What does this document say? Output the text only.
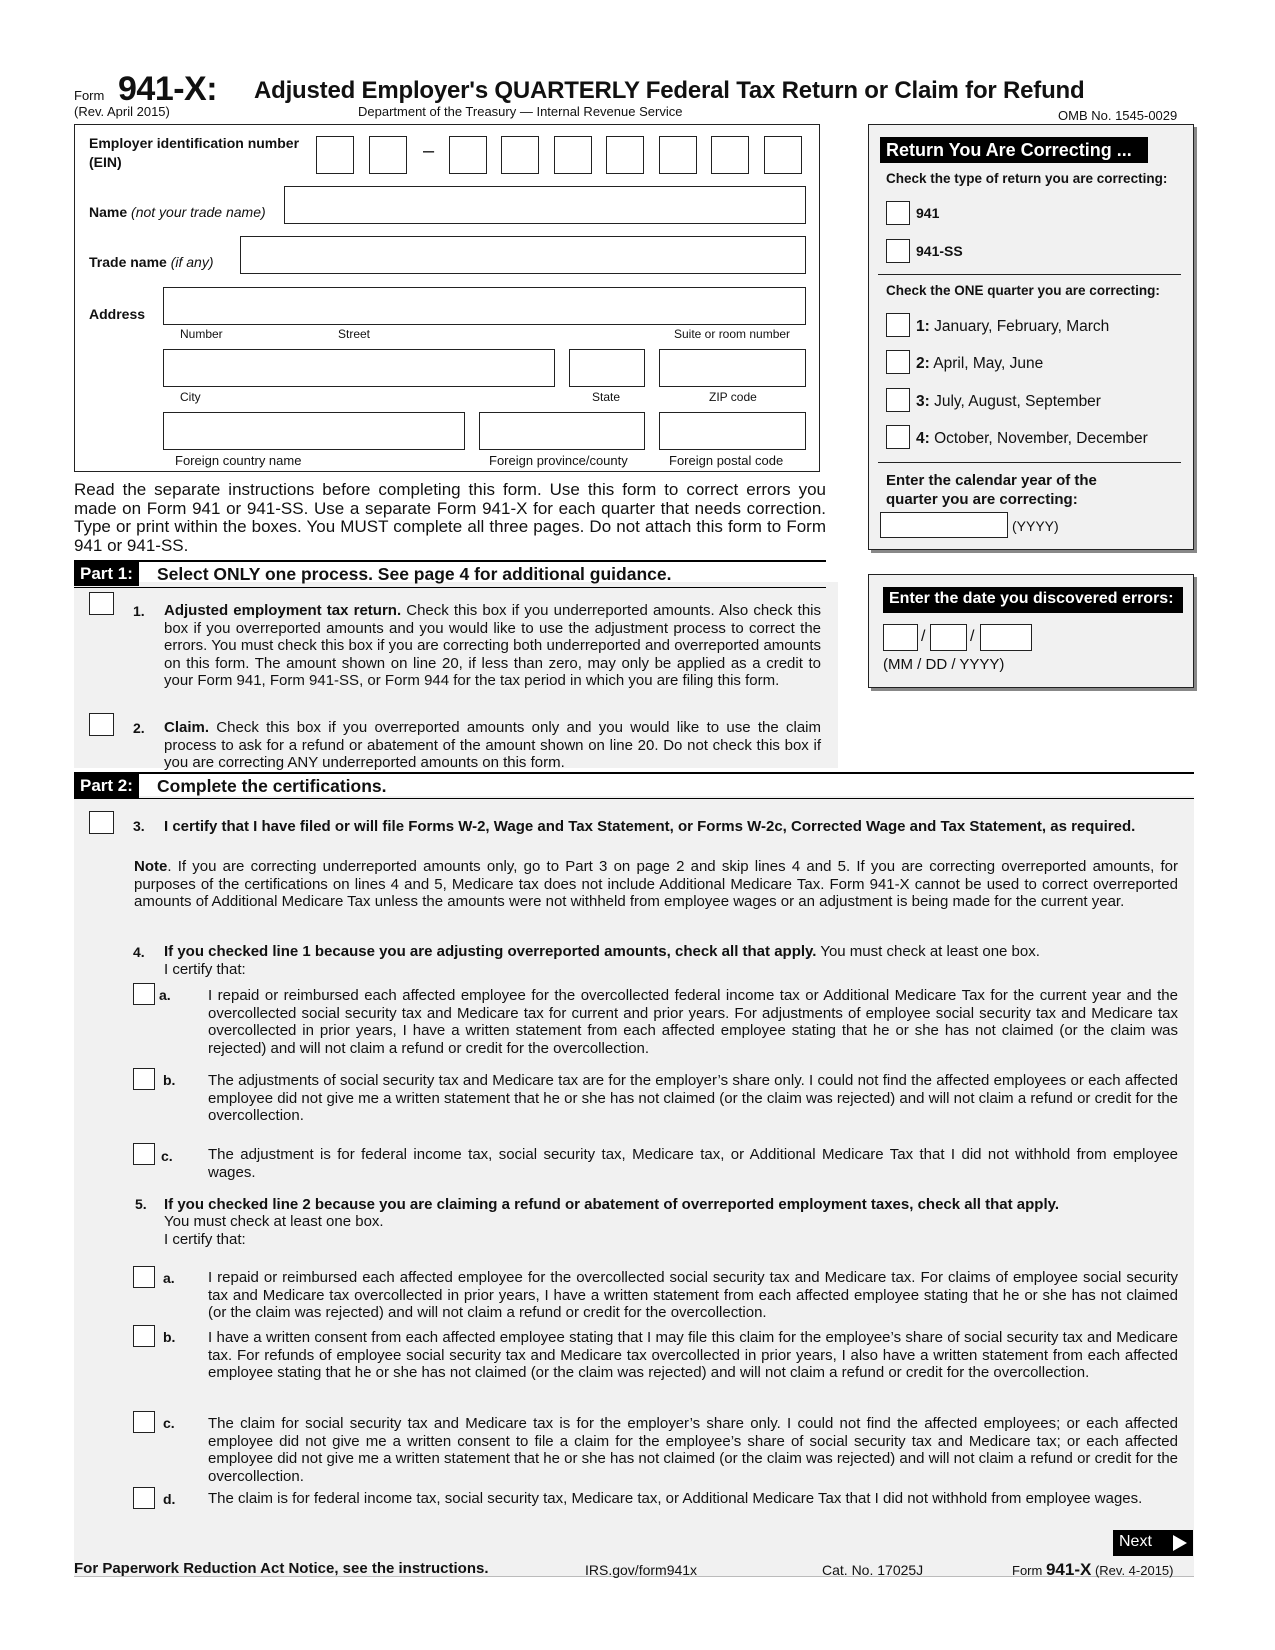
Form 941-X:
(Rev. April 2015)
Adjusted Employer's QUARTERLY Federal Tax Return or Claim for Refund
Department of the Treasury — Internal Revenue Service	OMB No. 1545-0029
Employer identification number
(EIN)	–
Name (not your trade name)
Trade name (if any)
Address
Number	Street	Suite or room number
City	State	ZIP code
Foreign country name	Foreign province/county	Foreign postal code
Return You Are Correcting ...
Check the type of return you are correcting:
941
941-SS
Check the ONE quarter you are correcting:
1: January, February, March
2: April, May, June
3: July, August, September
4: October, November, December
Enter the calendar year of the
quarter you are correcting:
(YYYY)
Enter the date you discovered errors:
/	/
(MM / DD / YYYY)
Read the separate instructions before completing this form. Use this form to correct errors you made on Form 941 or 941-SS. Use a separate Form 941-X for each quarter that needs correction. Type or print within the boxes. You MUST complete all three pages. Do not attach this form to Form 941 or 941-SS.
Part 1:	Select ONLY one process. See page 4 for additional guidance.
1. Adjusted employment tax return. Check this box if you underreported amounts. Also check this box if you overreported amounts and you would like to use the adjustment process to correct the errors. You must check this box if you are correcting both underreported and overreported amounts on this form. The amount shown on line 20, if less than zero, may only be applied as a credit to your Form 941, Form 941-SS, or Form 944 for the tax period in which you are filing this form.
2. Claim. Check this box if you overreported amounts only and you would like to use the claim process to ask for a refund or abatement of the amount shown on line 20. Do not check this box if you are correcting ANY underreported amounts on this form.
Part 2:	Complete the certifications.
3. I certify that I have filed or will file Forms W-2, Wage and Tax Statement, or Forms W-2c, Corrected Wage and Tax Statement, as required.
Note. If you are correcting underreported amounts only, go to Part 3 on page 2 and skip lines 4 and 5. If you are correcting overreported amounts, for purposes of the certifications on lines 4 and 5, Medicare tax does not include Additional Medicare Tax. Form 941-X cannot be used to correct overreported amounts of Additional Medicare Tax unless the amounts were not withheld from employee wages or an adjustment is being made for the current year.
4. If you checked line 1 because you are adjusting overreported amounts, check all that apply. You must check at least one box.
I certify that:
a. I repaid or reimbursed each affected employee for the overcollected federal income tax or Additional Medicare Tax for the current year and the overcollected social security tax and Medicare tax for current and prior years. For adjustments of employee social security tax and Medicare tax overcollected in prior years, I have a written statement from each affected employee stating that he or she has not claimed (or the claim was rejected) and will not claim a refund or credit for the overcollection.
b. The adjustments of social security tax and Medicare tax are for the employer’s share only. I could not find the affected employees or each affected employee did not give me a written statement that he or she has not claimed (or the claim was rejected) and will not claim a refund or credit for the overcollection.
c. The adjustment is for federal income tax, social security tax, Medicare tax, or Additional Medicare Tax that I did not withhold from employee wages.
5. If you checked line 2 because you are claiming a refund or abatement of overreported employment taxes, check all that apply.
You must check at least one box.
I certify that:
a. I repaid or reimbursed each affected employee for the overcollected social security tax and Medicare tax. For claims of employee social security tax and Medicare tax overcollected in prior years, I have a written statement from each affected employee stating that he or she has not claimed (or the claim was rejected) and will not claim a refund or credit for the overcollection.
b. I have a written consent from each affected employee stating that I may file this claim for the employee’s share of social security tax and Medicare tax. For refunds of employee social security tax and Medicare tax overcollected in prior years, I also have a written statement from each affected employee stating that he or she has not claimed (or the claim was rejected) and will not claim a refund or credit for the overcollection.
c. The claim for social security tax and Medicare tax is for the employer’s share only. I could not find the affected employees; or each affected employee did not give me a written consent to file a claim for the employee’s share of social security tax and Medicare tax; or each affected employee did not give me a written statement that he or she has not claimed (or the claim was rejected) and will not claim a refund or credit for the overcollection.
d. The claim is for federal income tax, social security tax, Medicare tax, or Additional Medicare Tax that I did not withhold from employee wages.
Next
For Paperwork Reduction Act Notice, see the instructions.	IRS.gov/form941x	Cat. No. 17025J	Form 941-X (Rev. 4-2015)
